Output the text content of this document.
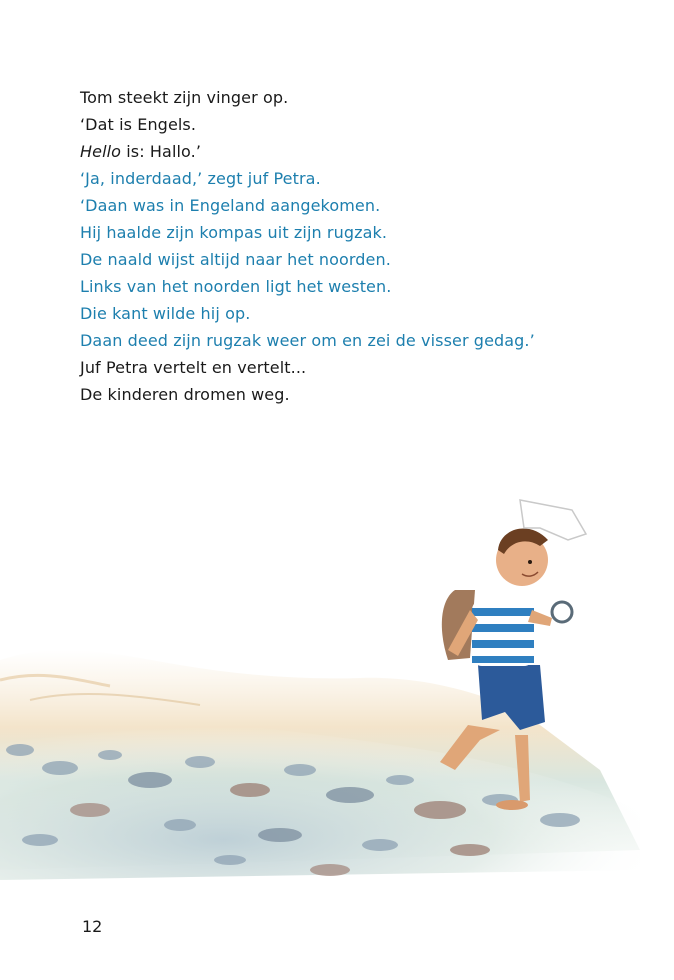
Tom steekt zijn vinger op.
‘Dat is Engels.
Hello is: Hallo.’
‘Ja, inderdaad,’ zegt juf Petra.
‘Daan was in Engeland aangekomen.
Hij haalde zijn kompas uit zijn rugzak.
De naald wijst altijd naar het noorden.
Links van het noorden ligt het westen.
Die kant wilde hij op.
Daan deed zijn rugzak weer om en zei de visser gedag.’
Juf Petra vertelt en vertelt...
De kinderen dromen weg.
12
